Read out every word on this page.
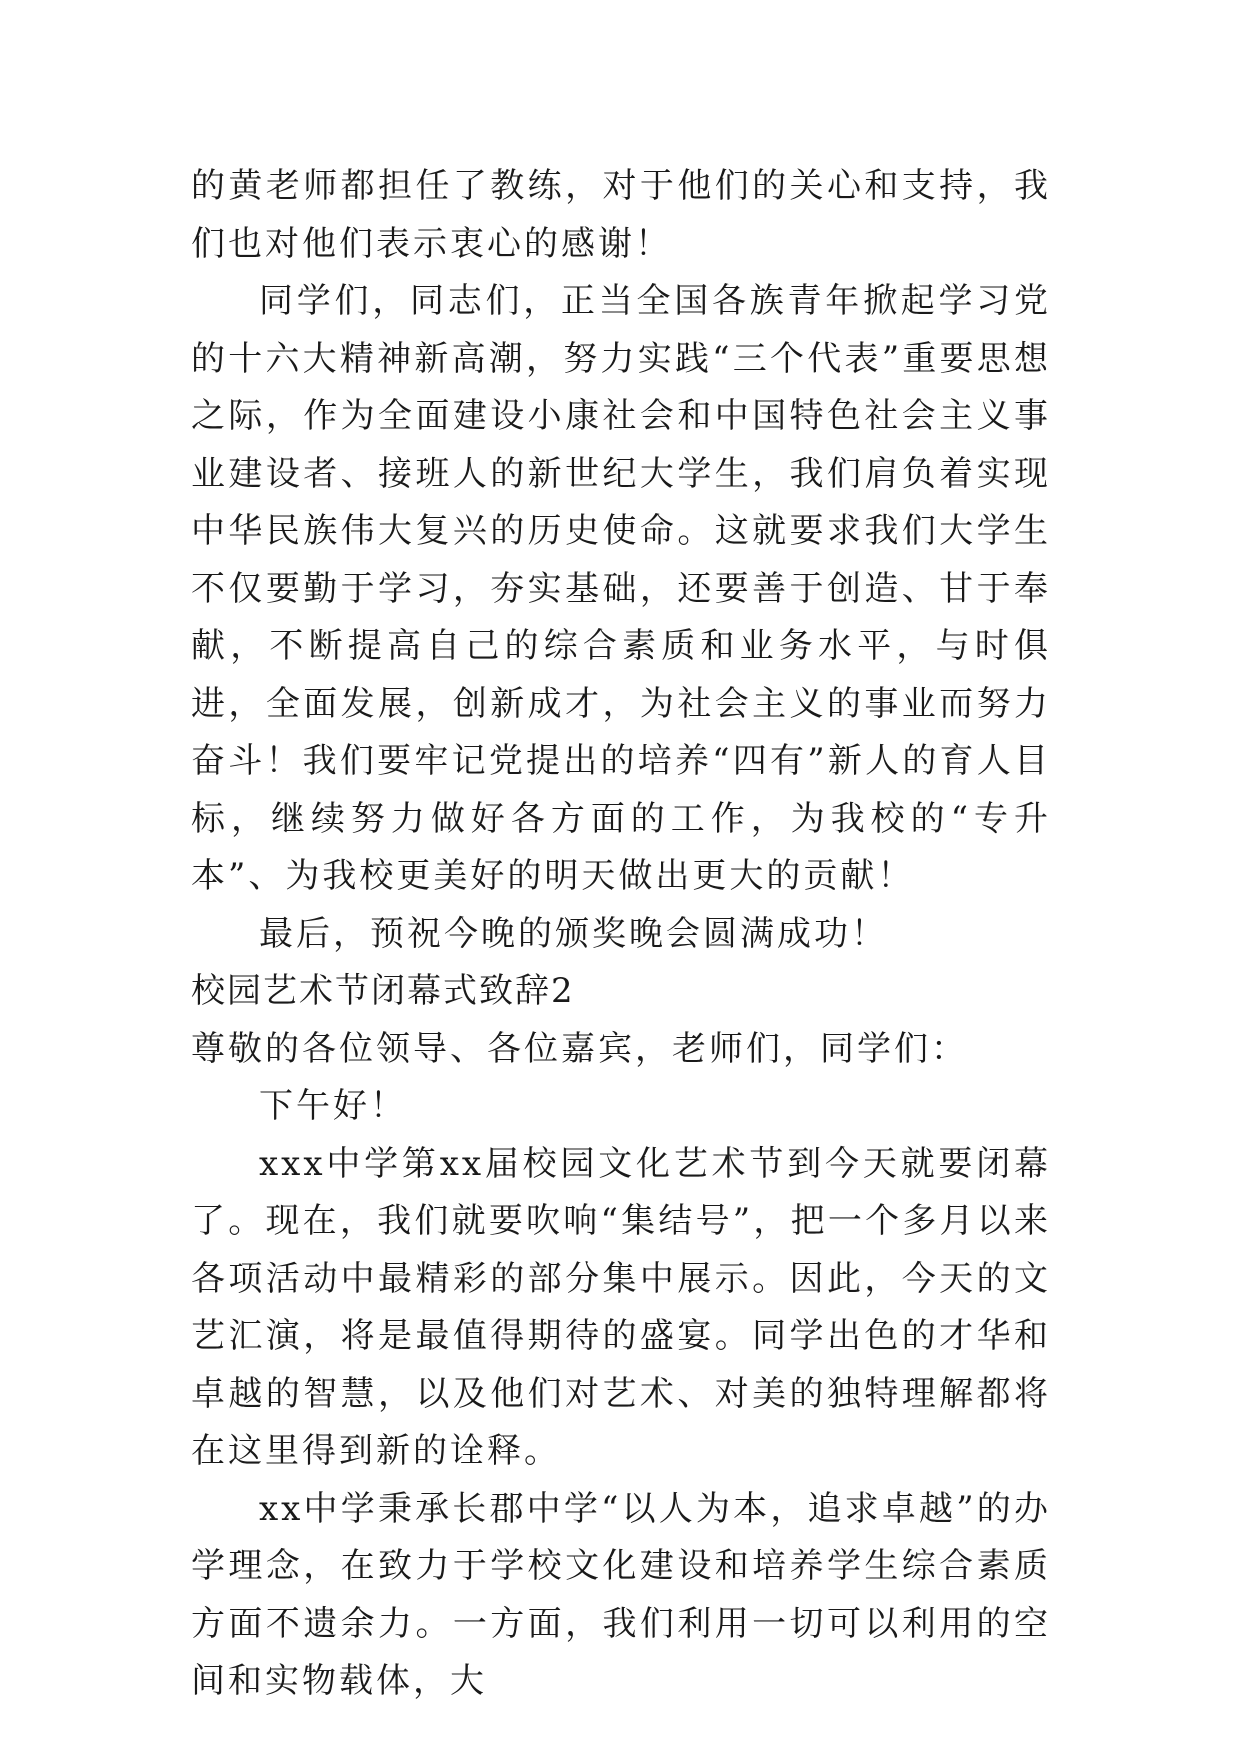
的黄老师都担任了教练，对于他们的关心和支持，我们也对他们表示衷心的感谢！

同学们，同志们，正当全国各族青年掀起学习党的十六大精神新高潮，努力实践“三个代表”重要思想之际，作为全面建设小康社会和中国特色社会主义事业建设者、接班人的新世纪大学生，我们肩负着实现中华民族伟大复兴的历史使命。这就要求我们大学生不仅要勤于学习，夯实基础，还要善于创造、甘于奉献，不断提高自己的综合素质和业务水平，与时俱进，全面发展，创新成才，为社会主义的事业而努力奋斗！我们要牢记党提出的培养“四有”新人的育人目标，继续努力做好各方面的工作，为我校的“专升本”、为我校更美好的明天做出更大的贡献！

最后，预祝今晚的颁奖晚会圆满成功！

校园艺术节闭幕式致辞2

尊敬的各位领导、各位嘉宾，老师们，同学们：

下午好！

xxx中学第xx届校园文化艺术节到今天就要闭幕了。现在，我们就要吹响“集结号”，把一个多月以来各项活动中最精彩的部分集中展示。因此，今天的文艺汇演，将是最值得期待的盛宴。同学出色的才华和卓越的智慧，以及他们对艺术、对美的独特理解都将在这里得到新的诠释。

xx中学秉承长郡中学“以人为本，追求卓越”的办学理念，在致力于学校文化建设和培养学生综合素质方面不遗余力。一方面，我们利用一切可以利用的空间和实物载体，大
